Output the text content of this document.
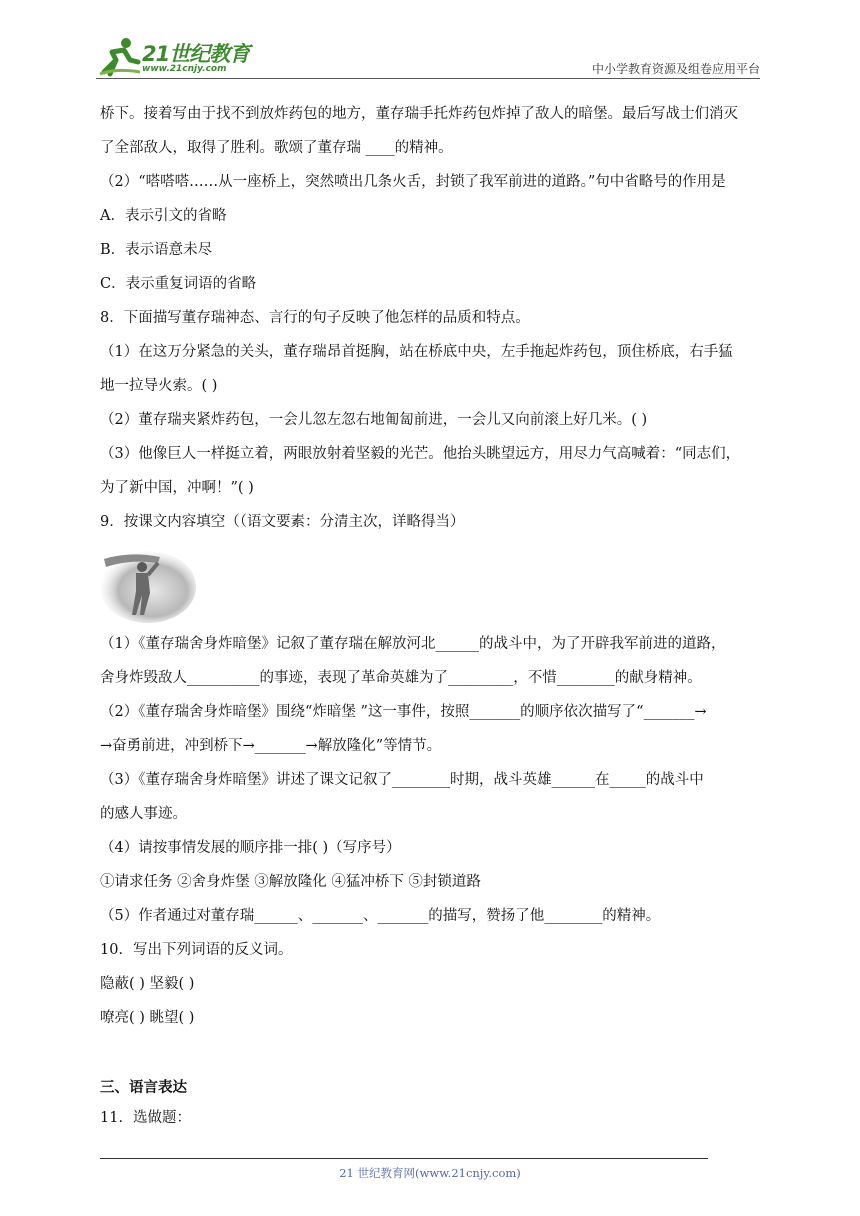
21世纪教育
www.21cnjy.com	中小学教育资源及组卷应用平台
桥下。接着写由于找不到放炸药包的地方，董存瑞手托炸药包炸掉了敌人的暗堡。最后写战士们消灭
了全部敌人，取得了胜利。歌颂了董存瑞 ____的精神。
（2）“嗒嗒嗒……从一座桥上，突然喷出几条火舌，封锁了我军前进的道路。”句中省略号的作用是
A．表示引文的省略
B．表示语意未尽
C．表示重复词语的省略
8．下面描写董存瑞神态、言行的句子反映了他怎样的品质和特点。
（1）在这万分紧急的关头，董存瑞昂首挺胸，站在桥底中央，左手拖起炸药包，顶住桥底，右手猛
地一拉导火索。( )
（2）董存瑞夹紧炸药包，一会儿忽左忽右地匍匐前进，一会儿又向前滚上好几米。( )
（3）他像巨人一样挺立着，两眼放射着坚毅的光芒。他抬头眺望远方，用尽力气高喊着：“同志们，
为了新中国，冲啊！”( )
9．按课文内容填空（（语文要素：分清主次，详略得当）
（1）《董存瑞舍身炸暗堡》记叙了董存瑞在解放河北______的战斗中，为了开辟我军前进的道路，
舍身炸毁敌人__________的事迹，表现了革命英雄为了_________，不惜________的献身精神。
（2）《董存瑞舍身炸暗堡》围绕“炸暗堡 ”这一事件，按照_______的顺序依次描写了“_______→
→奋勇前进，冲到桥下→_______→解放隆化”等情节。
（3）《董存瑞舍身炸暗堡》讲述了课文记叙了________时期，战斗英雄______在_____的战斗中
的感人事迹。
（4）请按事情发展的顺序排一排( )（写序号）
①请求任务 ②舍身炸堡 ③解放隆化 ④猛冲桥下 ⑤封锁道路
（5）作者通过对董存瑞______、_______、_______的描写，赞扬了他________的精神。
10．写出下列词语的反义词。
隐蔽( ) 坚毅( )
嘹亮( ) 眺望( )
三、语言表达
11．选做题：
21 世纪教育网(www.21cnjy.com)
